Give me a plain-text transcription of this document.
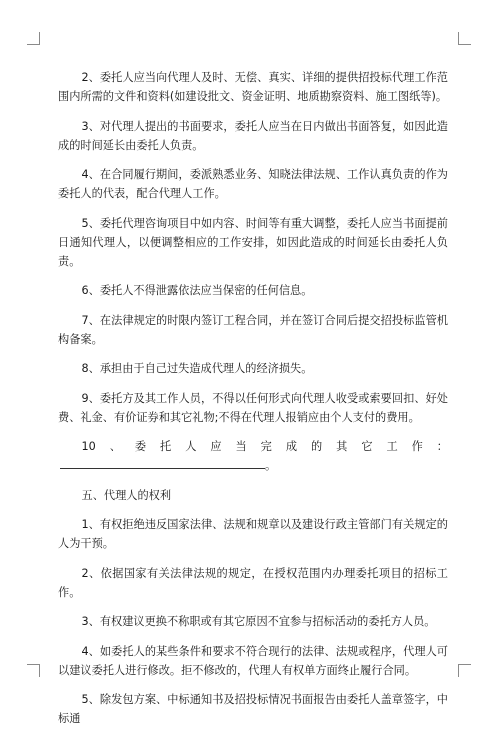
2、委托人应当向代理人及时、无偿、真实、详细的提供招投标代理工作范围内所需的文件和资料(如建设批文、资金证明、地质勘察资料、施工图纸等)。

3、对代理人提出的书面要求，委托人应当在日内做出书面答复，如因此造成的时间延长由委托人负责。

4、在合同履行期间，委派熟悉业务、知晓法律法规、工作认真负责的作为委托人的代表，配合代理人工作。

5、委托代理咨询项目中如内容、时间等有重大调整，委托人应当书面提前日通知代理人，以便调整相应的工作安排，如因此造成的时间延长由委托人负责。

6、委托人不得泄露依法应当保密的任何信息。

7、在法律规定的时限内签订工程合同，并在签订合同后提交招投标监管机构备案。

8、承担由于自己过失造成代理人的经济损失。

9、委托方及其工作人员，不得以任何形式向代理人收受或索要回扣、好处费、礼金、有价证券和其它礼物;不得在代理人报销应由个人支付的费用。

10、委托人应当完成的其它工作：。

五、代理人的权利

1、有权拒绝违反国家法律、法规和规章以及建设行政主管部门有关规定的人为干预。

2、依据国家有关法律法规的规定，在授权范围内办理委托项目的招标工作。

3、有权建议更换不称职或有其它原因不宜参与招标活动的委托方人员。

4、如委托人的某些条件和要求不符合现行的法律、法规或程序，代理人可以建议委托人进行修改。拒不修改的，代理人有权单方面终止履行合同。

5、除发包方案、中标通知书及招投标情况书面报告由委托人盖章签字，中标通
